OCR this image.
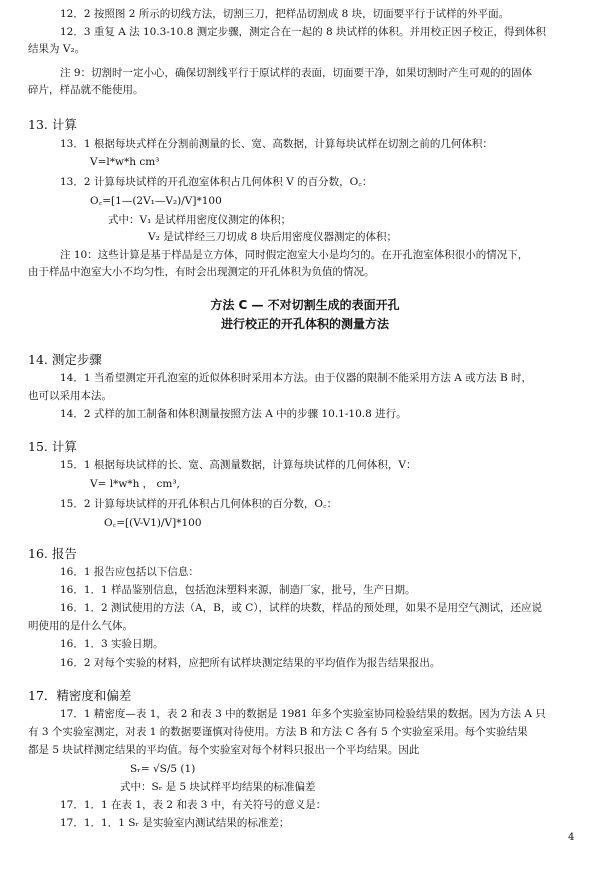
12．2 按照图 2 所示的切线方法，切割三刀，把样品切割成 8 块，切面要平行于试样的外平面。
12．3 重复 A 法 10.3-10.8 测定步骤，测定合在一起的 8 块试样的体积。并用校正因子校正，得到体积
结果为 V₂。
注 9：切割时一定小心，确保切割线平行于原试样的表面，切面要干净，如果切割时产生可观的的固体
碎片，样品就不能使用。
13. 计算
13．1 根据每块式样在分割前测量的长、宽、高数据，计算每块试样在切割之前的几何体积：
V=l*w*h cm³
13．2 计算每块试样的开孔泡室体积占几何体积 V 的百分数，O꜀：
O꜀=[1—(2V₁—V₂)/V]*100
式中：V₁ 是试样用密度仪测定的体积；
V₂ 是试样经三刀切成 8 块后用密度仪器测定的体积；
注 10：这些计算是基于样品是立方体，同时假定泡室大小是均匀的。在开孔泡室体积很小的情况下，
由于样品中泡室大小不均匀性，有时会出现测定的开孔体积为负值的情况。
方法 C — 不对切割生成的表面开孔
进行校正的开孔体积的测量方法
14. 测定步骤
14．1 当希望测定开孔泡室的近似体积时采用本方法。由于仪器的限制不能采用方法 A 或方法 B 时，
也可以采用本法。
14．2 式样的加工制备和体积测量按照方法 A 中的步骤 10.1-10.8 进行。
15. 计算
15．1 根据每块试样的长、宽、高测量数据，计算每块试样的几何体积，V：
V= l*w*h ， cm³,
15．2 计算每块试样的开孔体积占几何体积的百分数，O꜀：
O꜀=[(V-V1)/V]*100
16. 报告
16．1 报告应包括以下信息：
16．1．1 样品鉴别信息，包括泡沫塑料来源，制造厂家，批号，生产日期。
16．1．2 测试使用的方法（A，B，或 C），试样的块数，样品的预处理，如果不是用空气测试，还应说
明使用的是什么气体。
16．1．3 实验日期。
16．2 对每个实验的材料，应把所有试样块测定结果的平均值作为报告结果报出。
17．精密度和偏差
17．1 精密度—表 1，表 2 和表 3 中的数据是 1981 年多个实验室协同检验结果的数据。因为方法 A 只
有 3 个实验室测定，对表 1 的数据要谨慎对待使用。方法 B 和方法 C 各有 5 个实验室采用。每个实验结果
都是 5 块试样测定结果的平均值。每个实验室对每个材料只报出一个平均结果。因此
Sᵣ= √S/5 (1)
式中：Sᵣ 是 5 块试样平均结果的标准偏差
17．1．1 在表 1，表 2 和表 3 中，有关符号的意义是：
17．1．1．1 Sᵣ 是实验室内测试结果的标准差；
4
